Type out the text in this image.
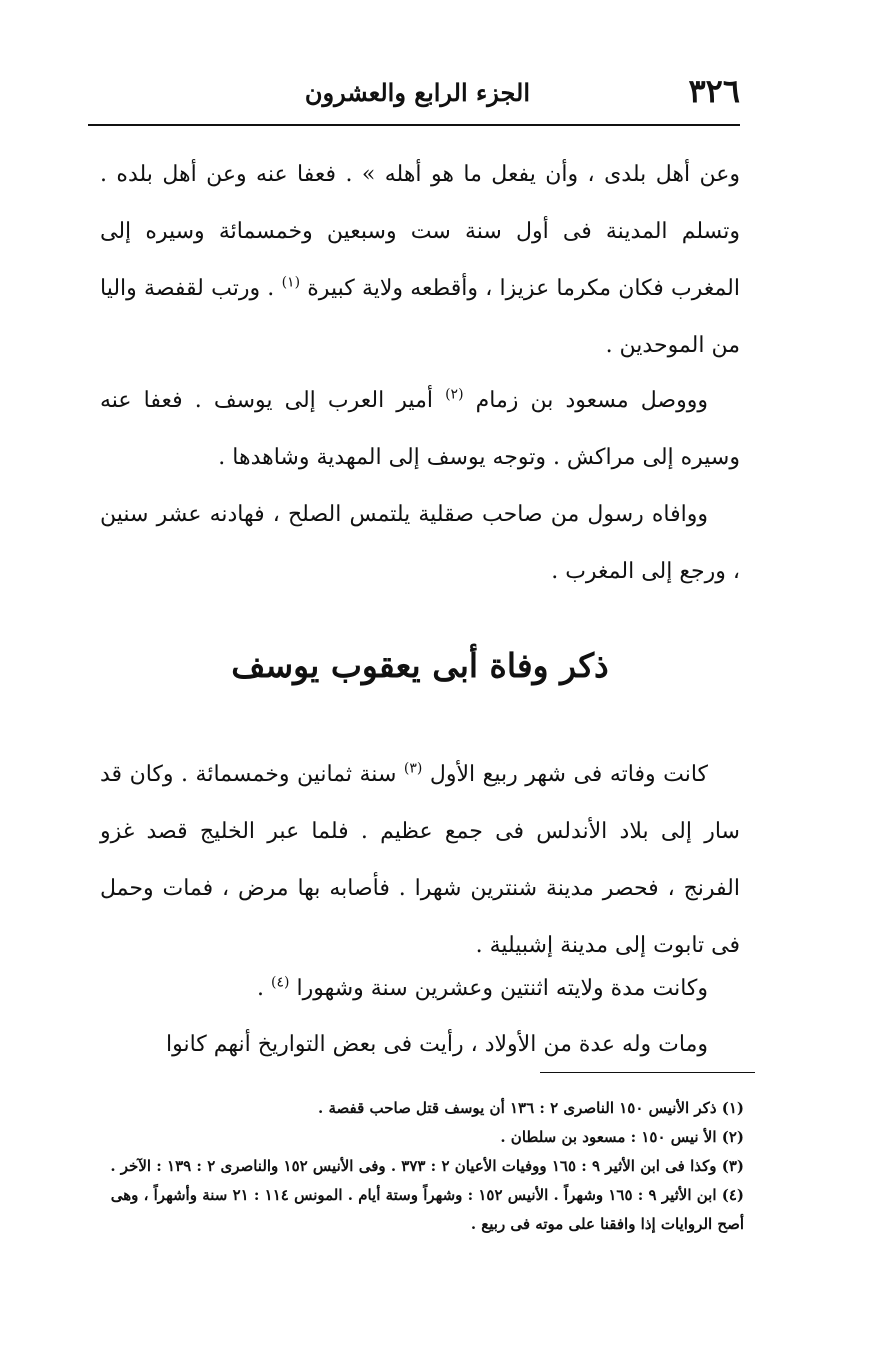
٣٢٦
الجزء الرابع والعشرون

وعن أهل بلدى ، وأن يفعل ما هو أهله » . فعفا عنه وعن أهل بلده . وتسلم المدينة فى أول سنة ست وسبعين وخمسمائة وسيره إلى المغرب فكان مكرما عزيزا ، وأقطعه ولاية كبيرة $^{(١)}$ . ورتب لقفصة واليا من الموحدين .

وووصل مسعود بن زمام $^{(٢)}$ أمير العرب إلى يوسف . فعفا عنه وسيره إلى مراكش . وتوجه يوسف إلى المهدية وشاهدها .

ووافاه رسول من صاحب صقلية يلتمس الصلح ، فهادنه عشر سنين ، ورجع إلى المغرب .

ذكر وفاة أبى يعقوب يوسف

كانت وفاته فى شهر ربيع الأول $^{(٣)}$ سنة ثمانين وخمسمائة . وكان قد سار إلى بلاد الأندلس فى جمع عظيم . فلما عبر الخليج قصد غزو الفرنج ، فحصر مدينة شنترين شهرا . فأصابه بها مرض ، فمات وحمل فى تابوت إلى مدينة إشبيلية .

وكانت مدة ولايته اثنتين وعشرين سنة وشهورا $^{(٤)}$ .

ومات وله عدة من الأولاد ، رأيت فى بعض التواريخ أنهم كانوا

(١) ذكر الأنيس ١٥٠ الناصرى ٢ : ١٣٦ أن يوسف قتل صاحب قفصة .
(٢) الأ نيس ١٥٠ : مسعود بن سلطان .
(٣) وكذا فى ابن الأثير ٩ : ١٦٥ ووفيات الأعيان ٢ : ٣٧٣ . وفى الأنيس ١٥٢ والناصرى ٢ : ١٣٩ : الآخر .
(٤) ابن الأثير ٩ : ١٦٥ وشهراً . الأنيس ١٥٢ : وشهراً وستة أيام . المونس ١١٤ : ٢١ سنة وأشهراً ، وهى أصح الروايات إذا وافقنا على موته فى ربيع .
